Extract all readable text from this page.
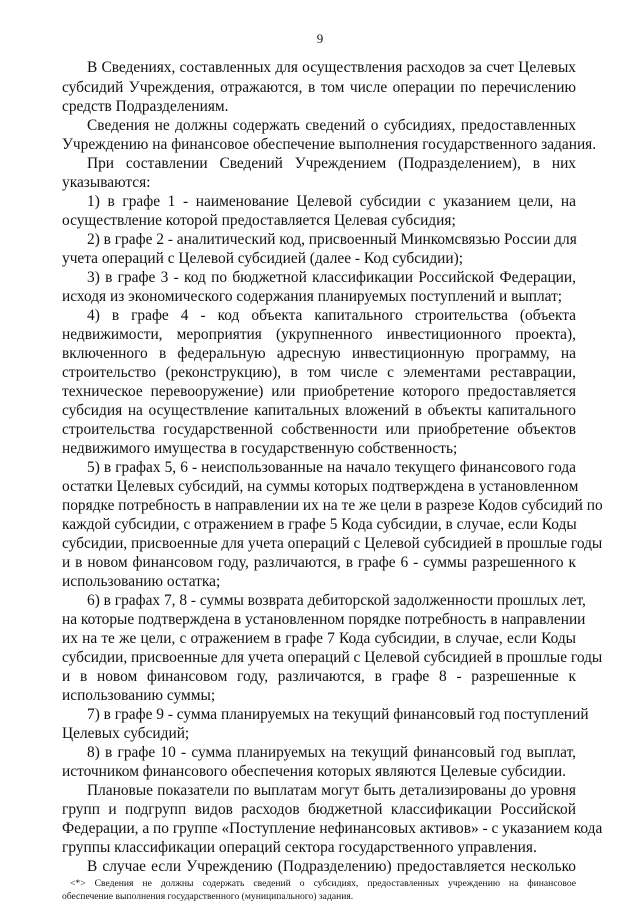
9
В Сведениях, составленных для осуществления расходов за счет Целевых
субсидий Учреждения, отражаются, в том числе операции по перечислению
средств Подразделениям.
Сведения не должны содержать сведений о субсидиях, предоставленных
Учреждению на финансовое обеспечение выполнения государственного задания.
При составлении Сведений Учреждением (Подразделением), в них
указываются:
1) в графе 1 - наименование Целевой субсидии с указанием цели, на
осуществление которой предоставляется Целевая субсидия;
2) в графе 2 - аналитический код, присвоенный Минкомсвязью России для
учета операций с Целевой субсидией (далее - Код субсидии);
3) в графе 3 - код по бюджетной классификации Российской Федерации,
исходя из экономического содержания планируемых поступлений и выплат;
4) в графе 4 - код объекта капитального строительства (объекта
недвижимости, мероприятия (укрупненного инвестиционного проекта),
включенного в федеральную адресную инвестиционную программу, на
строительство (реконструкцию), в том числе с элементами реставрации,
техническое перевооружение) или приобретение которого предоставляется
субсидия на осуществление капитальных вложений в объекты капитального
строительства государственной собственности или приобретение объектов
недвижимого имущества в государственную собственность;
5) в графах 5, 6 - неиспользованные на начало текущего финансового года
остатки Целевых субсидий, на суммы которых подтверждена в установленном
порядке потребность в направлении их на те же цели в разрезе Кодов субсидий по
каждой субсидии, с отражением в графе 5 Кода субсидии, в случае, если Коды
субсидии, присвоенные для учета операций с Целевой субсидией в прошлые годы
и в новом финансовом году, различаются, в графе 6 - суммы разрешенного к
использованию остатка;
6) в графах 7, 8 - суммы возврата дебиторской задолженности прошлых лет,
на которые подтверждена в установленном порядке потребность в направлении
их на те же цели, с отражением в графе 7 Кода субсидии, в случае, если Коды
субсидии, присвоенные для учета операций с Целевой субсидией в прошлые годы
и в новом финансовом году, различаются, в графе 8 - разрешенные к
использованию суммы;
7) в графе 9 - сумма планируемых на текущий финансовый год поступлений
Целевых субсидий;
8) в графе 10 - сумма планируемых на текущий финансовый год выплат,
источником финансового обеспечения которых являются Целевые субсидии.
Плановые показатели по выплатам могут быть детализированы до уровня
групп и подгрупп видов расходов бюджетной классификации Российской
Федерации, а по группе «Поступление нефинансовых активов» - с указанием кода
группы классификации операций сектора государственного управления.
В случае если Учреждению (Подразделению) предоставляется несколько
<*> Сведения не должны содержать сведений о субсидиях, предоставленных учреждению на финансовое
обеспечение выполнения государственного (муниципального) задания.
